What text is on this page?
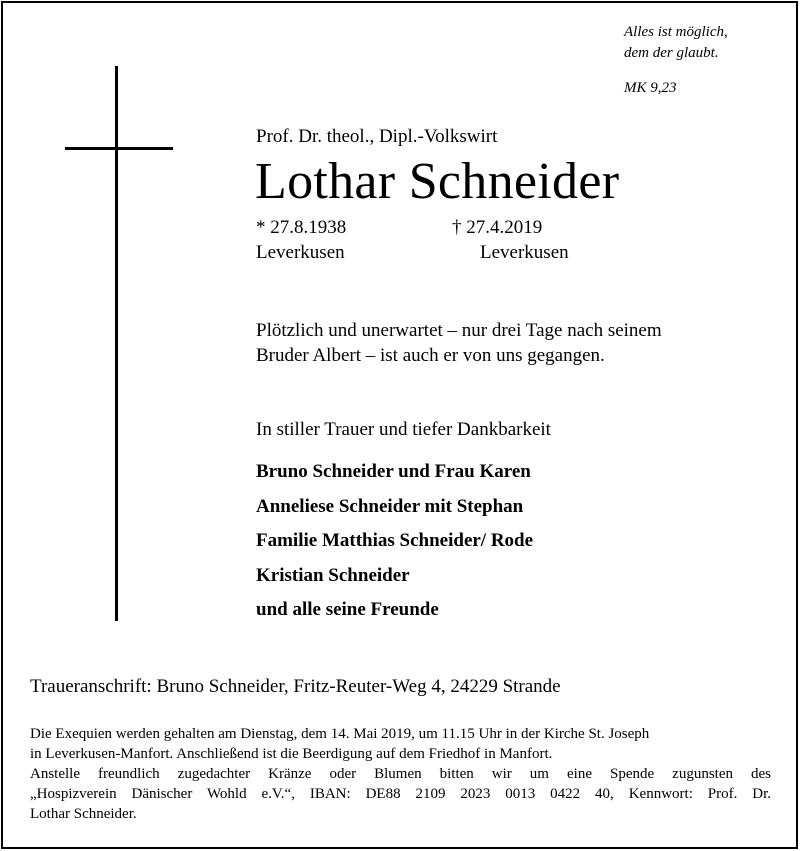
Alles ist möglich,
dem der glaubt.
MK 9,23
Prof. Dr. theol., Dipl.-Volkswirt
Lothar Schneider
* 27.8.1938
Leverkusen
† 27.4.2019
Leverkusen
Plötzlich und unerwartet – nur drei Tage nach seinem
Bruder Albert – ist auch er von uns gegangen.
In stiller Trauer und tiefer Dankbarkeit
Bruno Schneider und Frau Karen
Anneliese Schneider mit Stephan
Familie Matthias Schneider/ Rode
Kristian Schneider
und alle seine Freunde
Traueranschrift: Bruno Schneider, Fritz-Reuter-Weg 4, 24229 Strande
Die Exequien werden gehalten am Dienstag, dem 14. Mai 2019, um 11.15 Uhr in der Kirche St. Joseph
in Leverkusen-Manfort. Anschließend ist die Beerdigung auf dem Friedhof in Manfort.
Anstelle freundlich zugedachter Kränze oder Blumen bitten wir um eine Spende zugunsten des
„Hospizverein Dänischer Wohld e.V.“, IBAN: DE88 2109 2023 0013 0422 40, Kennwort: Prof. Dr.
Lothar Schneider.
